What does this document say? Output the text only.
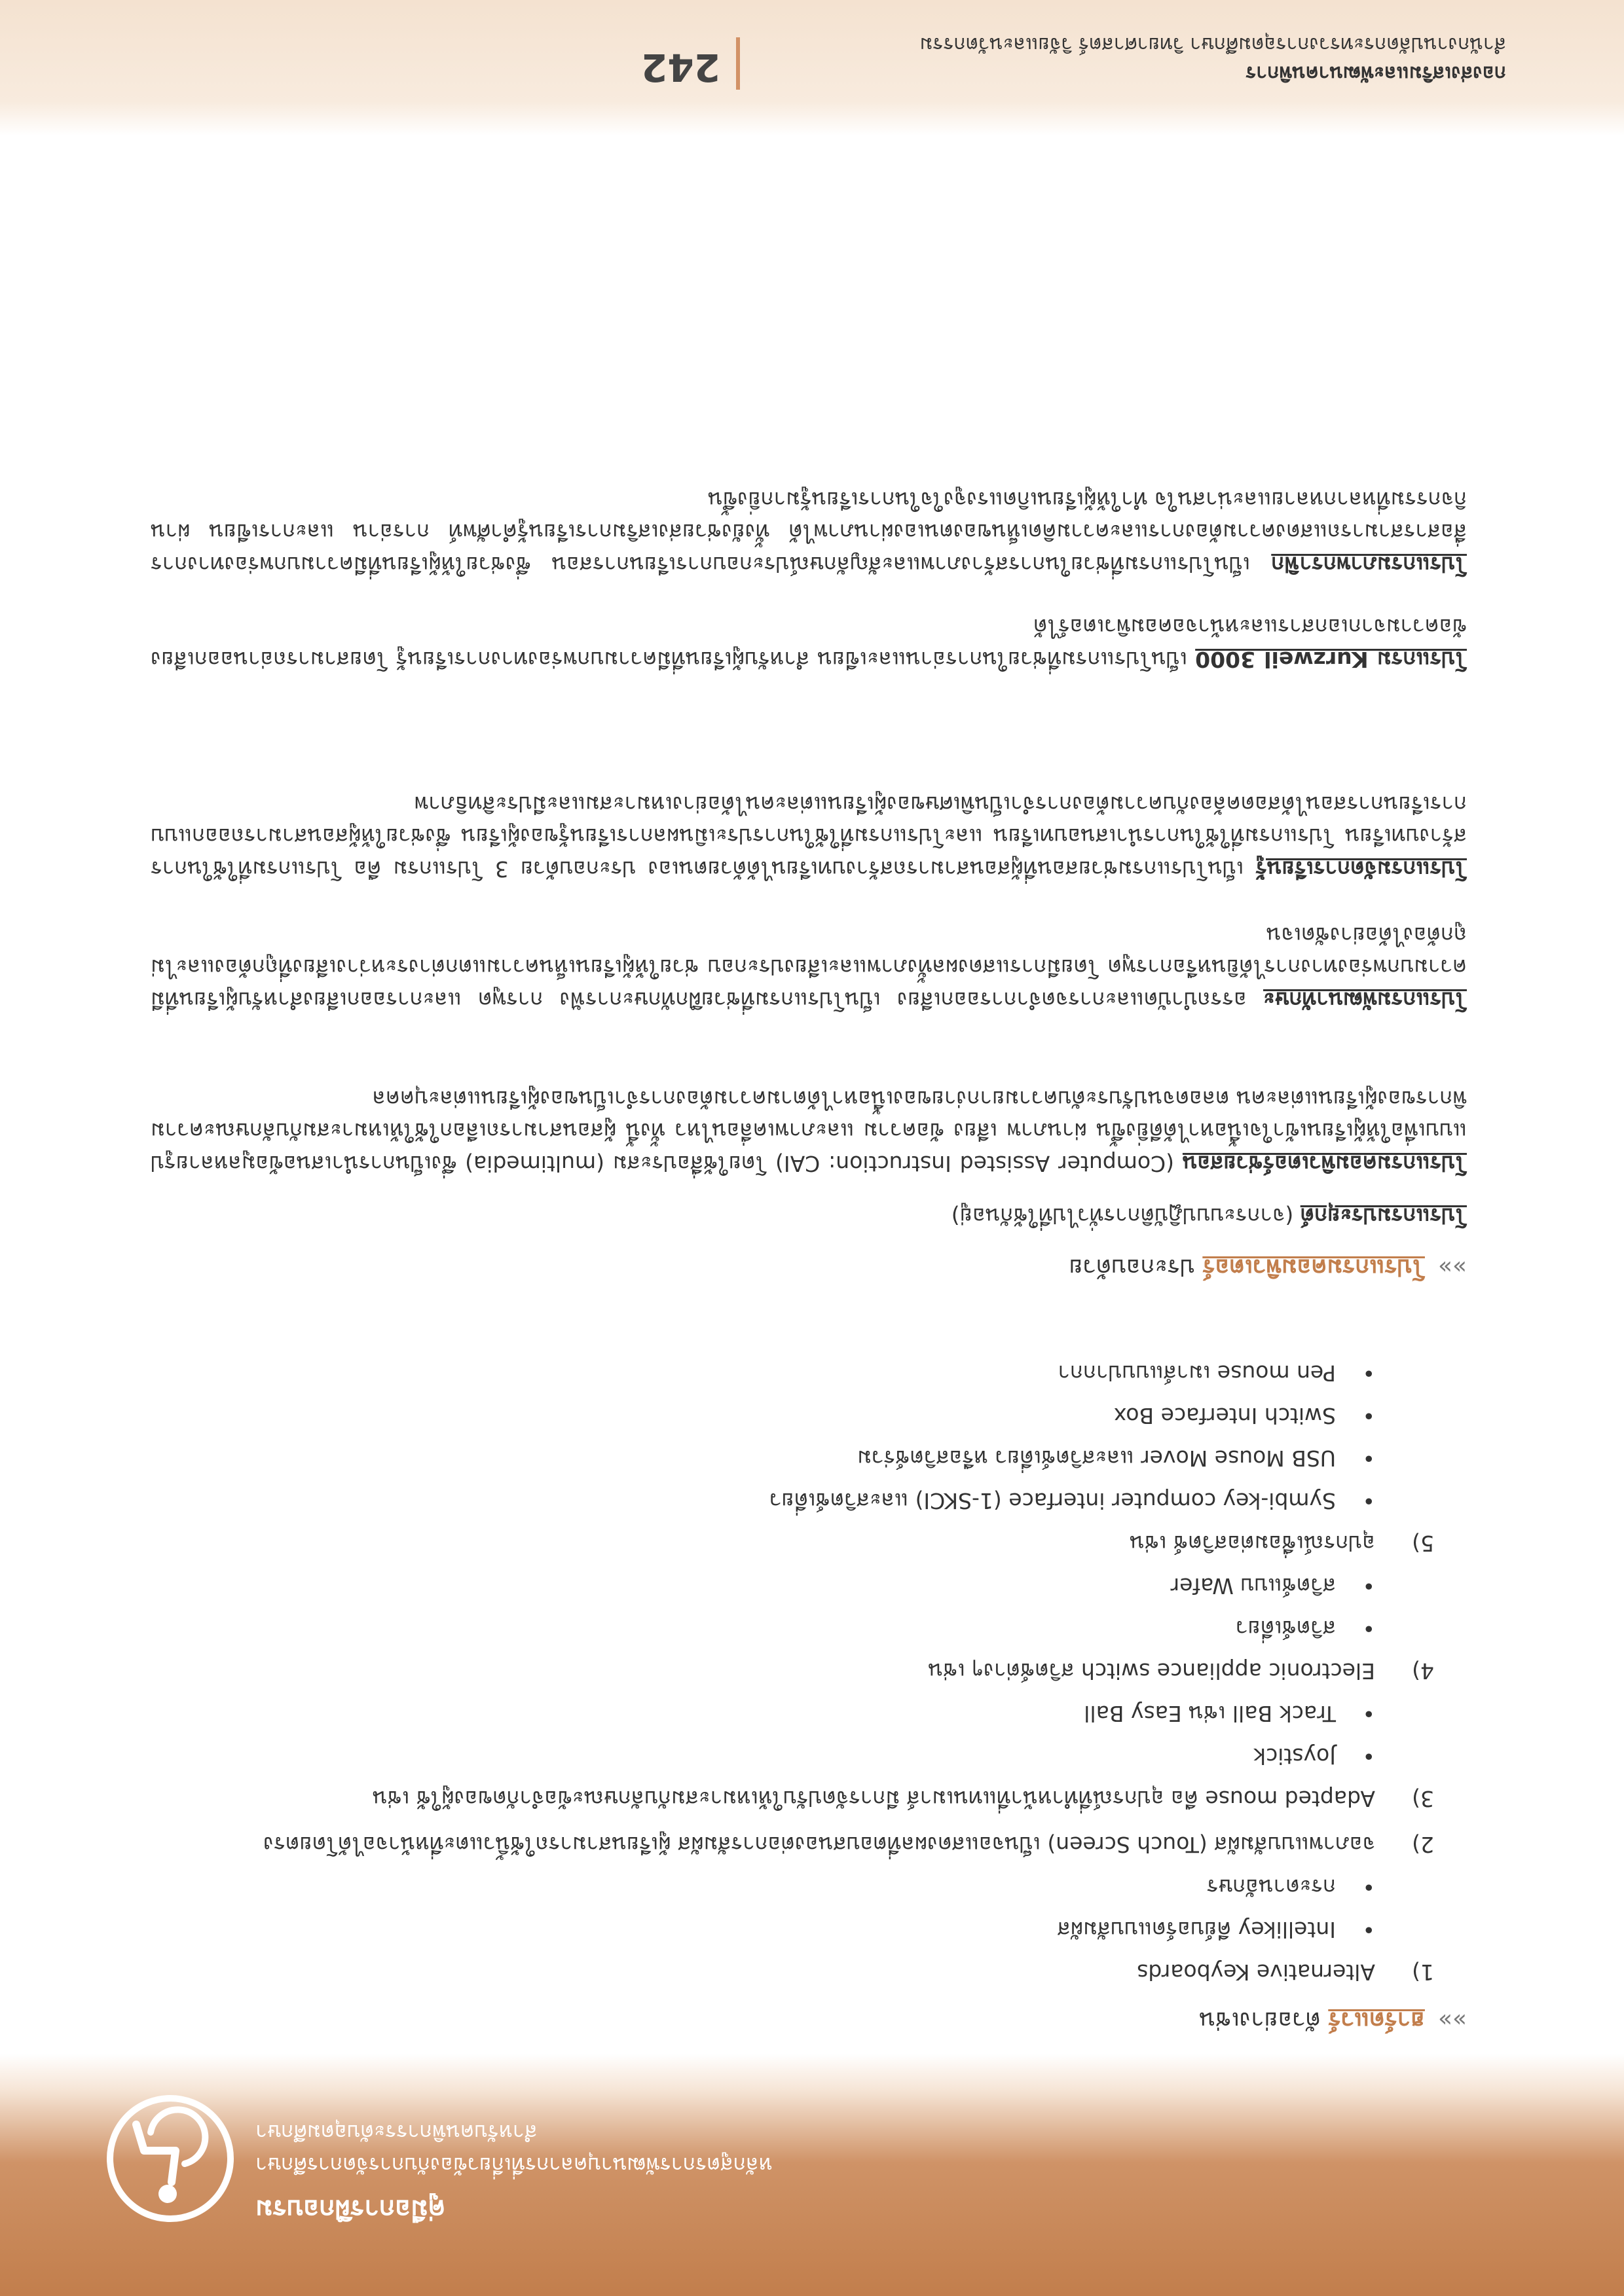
คู่มือการฝึกอบรม
หลักสูตรการพัฒนาบุคลากรที่เกี่ยวข้องกับการจัดการศึกษา
สำหรับคนพิการระดับอุดมศึกษา
»»ฮาร์ดแวร์ ตัวอย่างเช่น
1)Alternative Keyboards
•Intellikey คีย์บอร์ดแบบสัมผัส
•กระดานอักษร
2)จอภาพแบบสัมผัส (Touch Screen) เป็นจอแสดงผลที่ตอบสนองต่อการสัมผัส ผู้เรียนสามารถใช้นิ้วแตะที่หน้าจอได้โดยตรง
3)Adapted mouse คือ อุปกรณ์ที่ทำหน้าที่แทนเมาส์ มีการจัดปรับให้เหมาะสมกับลักษณะข้อจำกัดของผู้ใช้ เช่น
•Joystick
•Track Ball เช่น Easy Ball
4)Electronic appliance switch สวิตช์ต่างๆ เช่น
•สวิตช์เดี่ยว
•สวิตช์แบบ Wafer
5)อุปกรณ์เชื่อมต่อสวิตช์ เช่น
•Symbi-key computer interface (1-SKCI) และสวิตช์เดี่ยว
•USB Mouse Mover และสวิตช์เดี่ยว หรือสวิตช์ร่วม
•Switch Interface Box
•Pen mouse เมาส์แบบปากกา
»»โปรแกรมคอมพิวเตอร์ ประกอบด้วย
โปรแกรมประยุกต์ (จากระบบปฏิบัติการทั่วไปที่ใช้กันอยู่)
โปรแกรมคอมพิวเตอร์ช่วยสอน (Computer Assisted Instruction: CAI) โดยใช้สื่อประสม (multimedia) ซึ่งเป็นการนำเสนอข้อมูลหลายรูปแบบเพื่อให้ผู้เรียนเข้าใจเนื้อหาได้ดียิ่งขึ้น ผ่านภาพ เสียง ข้อความ และภาพเคลื่อนไหว ทั้งนี้ ผู้สอนสามารถเลือกใช้ให้เหมาะสมกับลักษณะความพิการของผู้เรียนแต่ละคน ตลอดจนปรับระดับความยากง่ายของเนื้อหาได้ตามความต้องการจำเป็นของผู้เรียนแต่ละบุคคล
โปรแกรมพัฒนาทักษะ อรรถบำบัดและการจดจำการออกเสียง เป็นโปรแกรมที่ช่วยฝึกทักษะการฟัง การพูด และการออกเสียงสำหรับผู้เรียนที่มีความบกพร่องทางการได้ยินหรือการพูด โดยมีการแสดงผลทั้งภาพและเสียงประกอบ ช่วยให้ผู้เรียนเห็นความแตกต่างระหว่างเสียงที่ถูกต้องและไม่ถูกต้องได้อย่างชัดเจน
โปรแกรมจัดการเรียนรู้ เป็นโปรแกรมช่วยสอนที่ผู้สอนสามารถสร้างบทเรียนได้ด้วยตนเอง ประกอบด้วย 3 โปรแกรม คือ โปรแกรมที่ใช้ในการสร้างบทเรียน โปรแกรมที่ใช้ในการนำเสนอบทเรียน และโปรแกรมที่ใช้ในการประเมินผลการเรียนรู้ของผู้เรียน ซึ่งช่วยให้ผู้สอนสามารถออกแบบการเรียนการสอนได้สอดคล้องกับความต้องการจำเป็นพิเศษของผู้เรียนแต่ละคนได้อย่างเหมาะสมและมีประสิทธิภาพ
โปรแกรม Kurzweil 3000 เป็นโปรแกรมที่ช่วยในการอ่านและเขียน สำหรับผู้เรียนที่มีความบกพร่องทางการเรียนรู้ โดยสามารถอ่านออกเสียงข้อความจากเอกสารและหน้าจอคอมพิวเตอร์ได้
โปรแกรมภาพกราฟิก เป็นโปรแกรมที่ช่วยในการสร้างภาพและสัญลักษณ์ประกอบการเรียนการสอน ซึ่งช่วยให้ผู้เรียนที่มีความบกพร่องทางการสื่อสารสามารถแสดงความต้องการและความคิดเห็นของตนเองผ่านภาพได้ ทั้งยังช่วยส่งเสริมการเรียนรู้คำศัพท์ การอ่าน และการเขียน ผ่านกิจกรรมที่หลากหลายและน่าสนใจ ทำให้ผู้เรียนเกิดแรงจูงใจในการเรียนรู้มากยิ่งขึ้น
กองส่งเสริมและพัฒนาคนพิการ
สำนักงานปลัดกระทรวงการอุดมศึกษา วิทยาศาสตร์ วิจัยและนวัตกรรม
242
